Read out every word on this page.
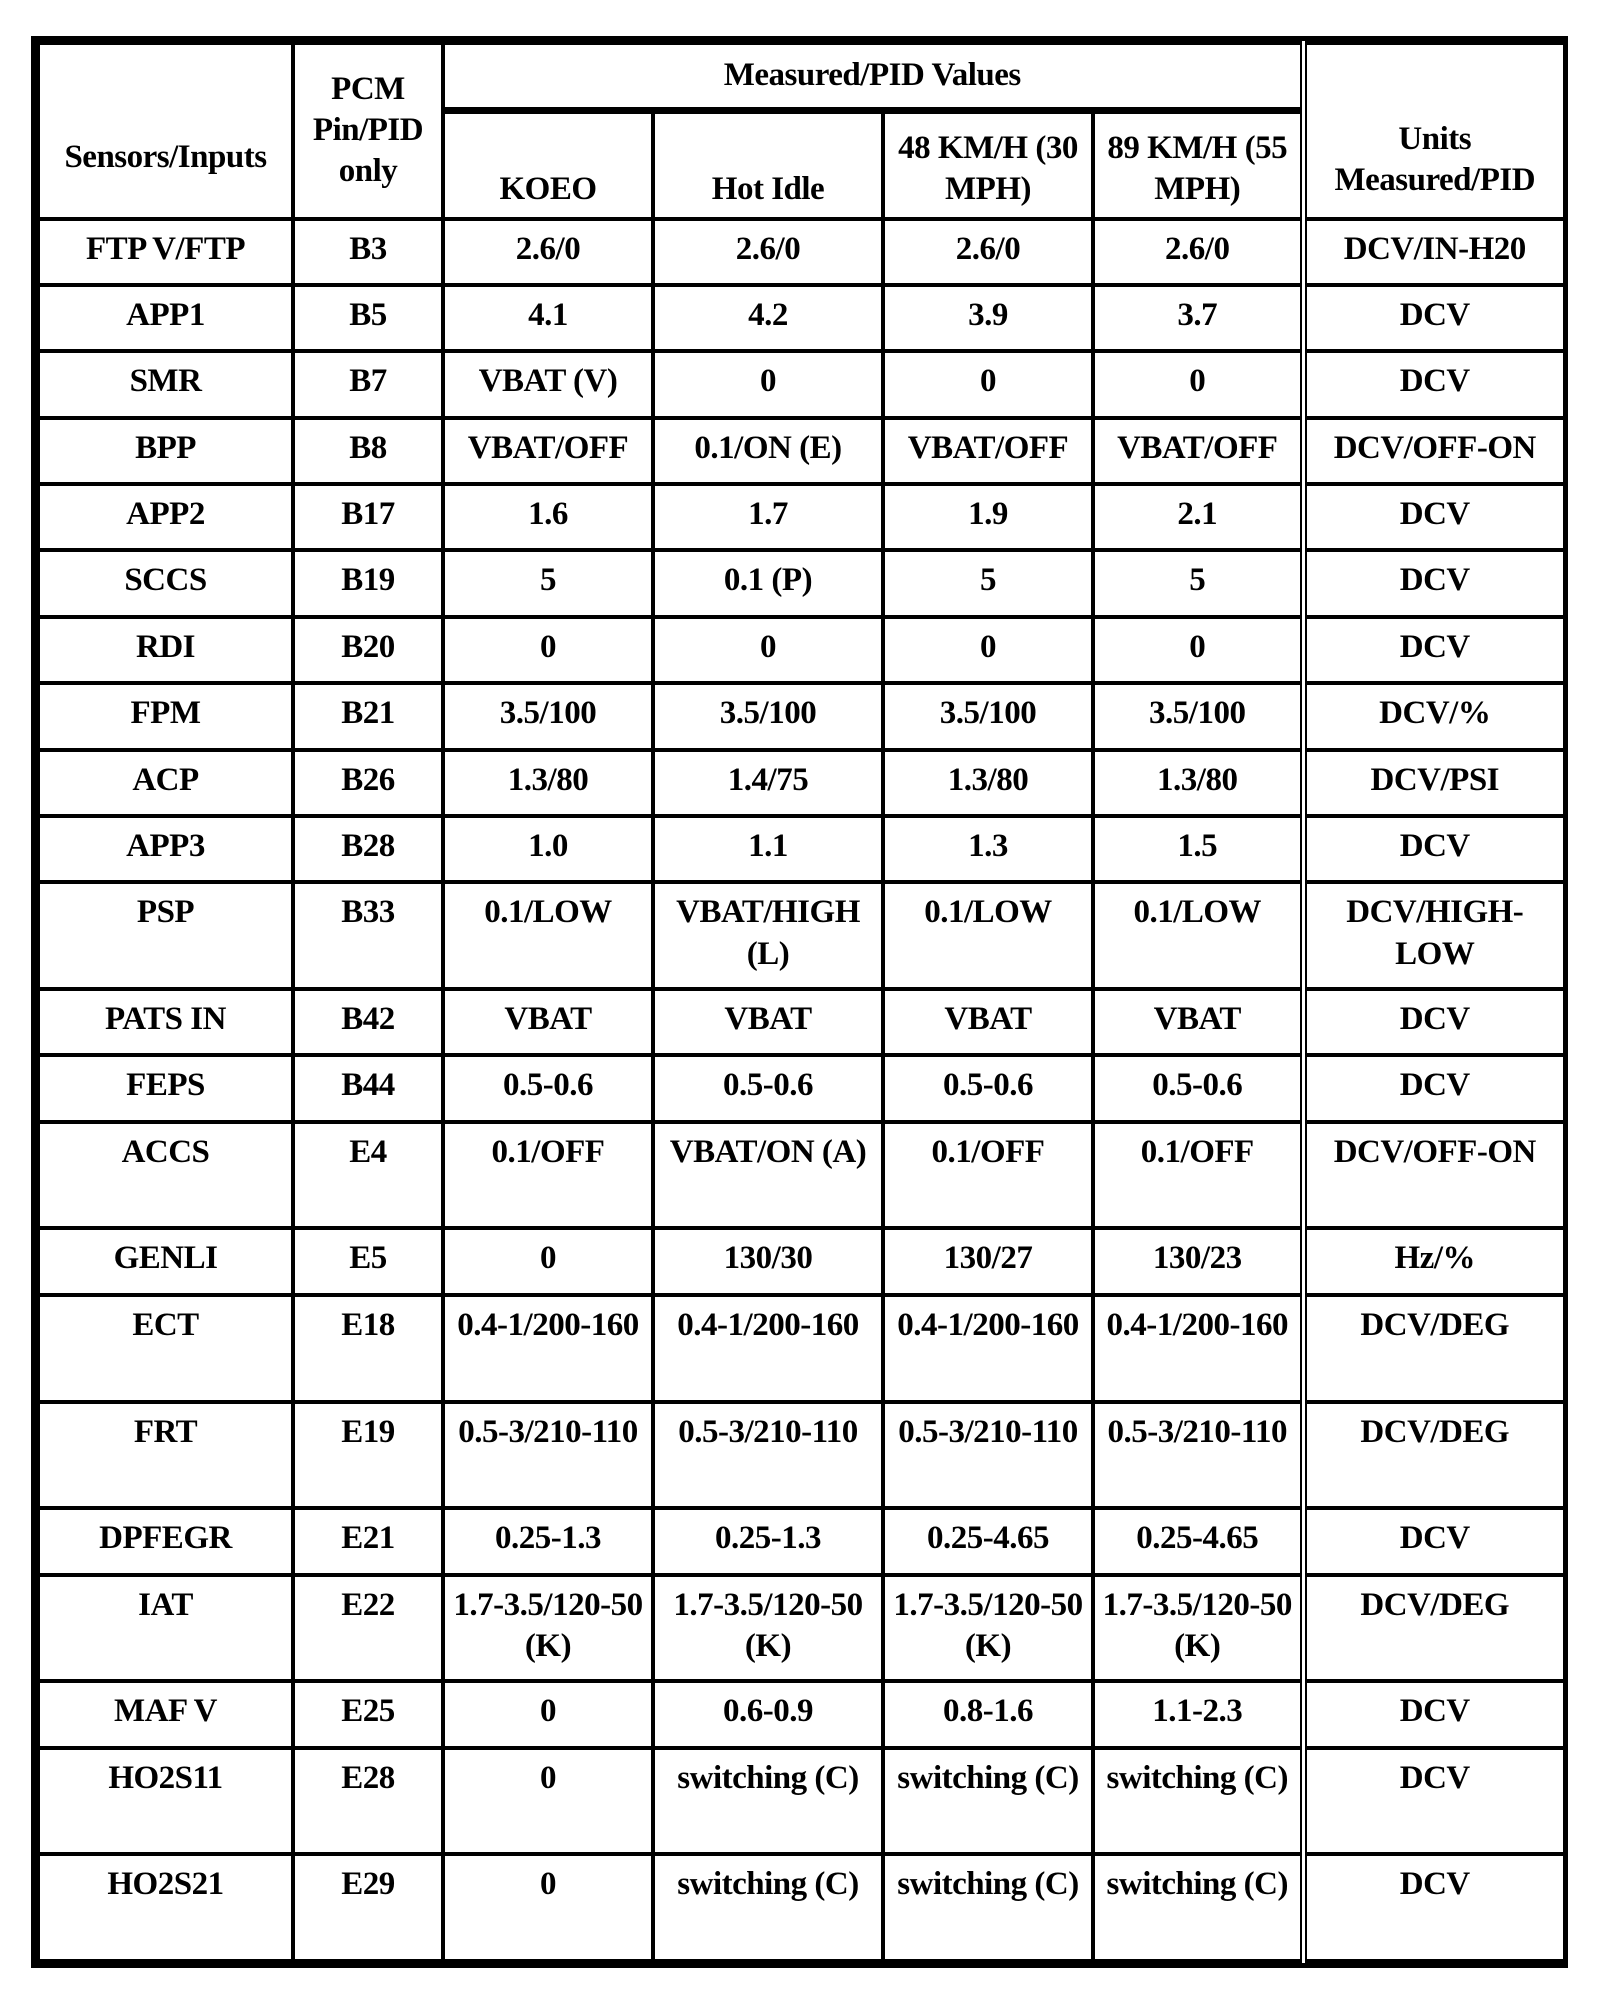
Sensors/Inputs	PCM Pin/PID only	Measured/PID Values				Units Measured/PID
		KOEO	Hot Idle	48 KM/H (30 MPH)	89 KM/H (55 MPH)	
FTP V/FTP	B3	2.6/0	2.6/0	2.6/0	2.6/0	DCV/IN-H20
APP1	B5	4.1	4.2	3.9	3.7	DCV
SMR	B7	VBAT (V)	0	0	0	DCV
BPP	B8	VBAT/OFF	0.1/ON (E)	VBAT/OFF	VBAT/OFF	DCV/OFF-ON
APP2	B17	1.6	1.7	1.9	2.1	DCV
SCCS	B19	5	0.1 (P)	5	5	DCV
RDI	B20	0	0	0	0	DCV
FPM	B21	3.5/100	3.5/100	3.5/100	3.5/100	DCV/%
ACP	B26	1.3/80	1.4/75	1.3/80	1.3/80	DCV/PSI
APP3	B28	1.0	1.1	1.3	1.5	DCV
PSP	B33	0.1/LOW	VBAT/HIGH (L)	0.1/LOW	0.1/LOW	DCV/HIGH-LOW
PATS IN	B42	VBAT	VBAT	VBAT	VBAT	DCV
FEPS	B44	0.5-0.6	0.5-0.6	0.5-0.6	0.5-0.6	DCV
ACCS	E4	0.1/OFF	VBAT/ON (A)	0.1/OFF	0.1/OFF	DCV/OFF-ON
GENLI	E5	0	130/30	130/27	130/23	Hz/%
ECT	E18	0.4-1/200-160	0.4-1/200-160	0.4-1/200-160	0.4-1/200-160	DCV/DEG
FRT	E19	0.5-3/210-110	0.5-3/210-110	0.5-3/210-110	0.5-3/210-110	DCV/DEG
DPFEGR	E21	0.25-1.3	0.25-1.3	0.25-4.65	0.25-4.65	DCV
IAT	E22	1.7-3.5/120-50 (K)	1.7-3.5/120-50 (K)	1.7-3.5/120-50 (K)	1.7-3.5/120-50 (K)	DCV/DEG
MAF V	E25	0	0.6-0.9	0.8-1.6	1.1-2.3	DCV
HO2S11	E28	0	switching (C)	switching (C)	switching (C)	DCV
HO2S21	E29	0	switching (C)	switching (C)	switching (C)	DCV
